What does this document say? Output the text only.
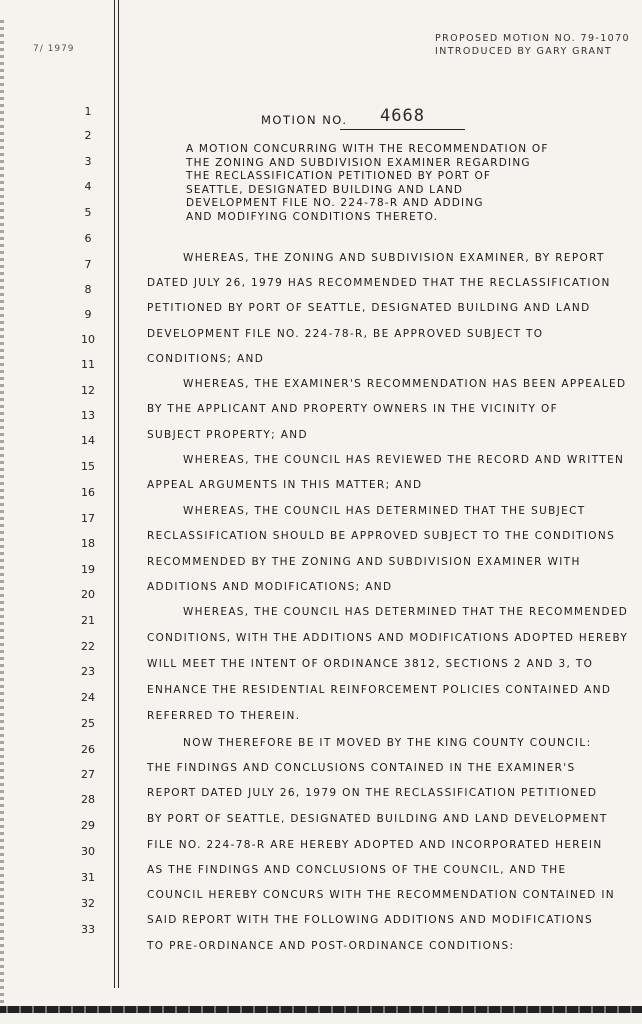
7/ 1979
PROPOSED MOTION NO. 79-1070
INTRODUCED BY GARY GRANT
1
2
3
4
5
6
7
8
9
10
11
12
13
14
15
16
17
18
19
20
21
22
23
24
25
26
27
28
29
30
31
32
33
MOTION NO.	4668
A MOTION CONCURRING WITH THE RECOMMENDATION OF
THE ZONING AND SUBDIVISION EXAMINER REGARDING
THE RECLASSIFICATION PETITIONED BY PORT OF
SEATTLE, DESIGNATED BUILDING AND LAND
DEVELOPMENT FILE NO. 224-78-R AND ADDING
AND MODIFYING CONDITIONS THERETO.
WHEREAS, THE ZONING AND SUBDIVISION EXAMINER, BY REPORT
DATED JULY 26, 1979 HAS RECOMMENDED THAT THE RECLASSIFICATION
PETITIONED BY PORT OF SEATTLE, DESIGNATED BUILDING AND LAND
DEVELOPMENT FILE NO. 224-78-R, BE APPROVED SUBJECT TO
CONDITIONS; AND
WHEREAS, THE EXAMINER'S RECOMMENDATION HAS BEEN APPEALED
BY THE APPLICANT AND PROPERTY OWNERS IN THE VICINITY OF
SUBJECT PROPERTY; AND
WHEREAS, THE COUNCIL HAS REVIEWED THE RECORD AND WRITTEN
APPEAL ARGUMENTS IN THIS MATTER; AND
WHEREAS, THE COUNCIL HAS DETERMINED THAT THE SUBJECT
RECLASSIFICATION SHOULD BE APPROVED SUBJECT TO THE CONDITIONS
RECOMMENDED BY THE ZONING AND SUBDIVISION EXAMINER WITH
ADDITIONS AND MODIFICATIONS; AND
WHEREAS, THE COUNCIL HAS DETERMINED THAT THE RECOMMENDED
CONDITIONS, WITH THE ADDITIONS AND MODIFICATIONS ADOPTED HEREBY
WILL MEET THE INTENT OF ORDINANCE 3812, SECTIONS 2 AND 3, TO
ENHANCE THE RESIDENTIAL REINFORCEMENT POLICIES CONTAINED AND
REFERRED TO THEREIN.
NOW THEREFORE BE IT MOVED BY THE KING COUNTY COUNCIL:
THE FINDINGS AND CONCLUSIONS CONTAINED IN THE EXAMINER'S
REPORT DATED JULY 26, 1979 ON THE RECLASSIFICATION PETITIONED
BY PORT OF SEATTLE, DESIGNATED BUILDING AND LAND DEVELOPMENT
FILE NO. 224-78-R ARE HEREBY ADOPTED AND INCORPORATED HEREIN
AS THE FINDINGS AND CONCLUSIONS OF THE COUNCIL, AND THE
COUNCIL HEREBY CONCURS WITH THE RECOMMENDATION CONTAINED IN
SAID REPORT WITH THE FOLLOWING ADDITIONS AND MODIFICATIONS
TO PRE-ORDINANCE AND POST-ORDINANCE CONDITIONS:
